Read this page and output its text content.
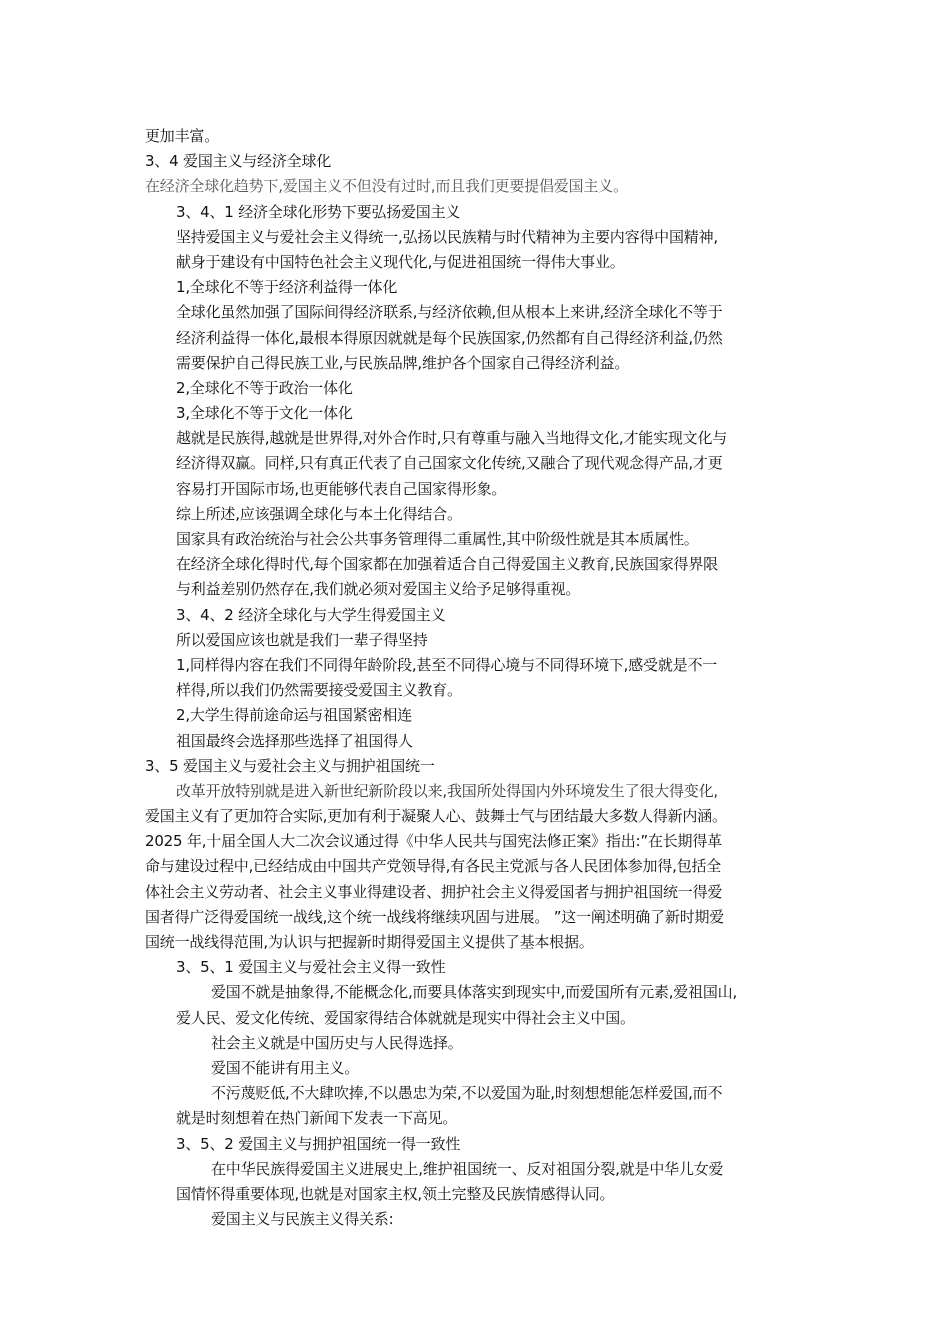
更加丰富。
3、4 爱国主义与经济全球化
在经济全球化趋势下,爱国主义不但没有过时,而且我们更要提倡爱国主义。
3、4、1 经济全球化形势下要弘扬爱国主义
坚持爱国主义与爱社会主义得统一,弘扬以民族精与时代精神为主要内容得中国精神,
献身于建设有中国特色社会主义现代化,与促进祖国统一得伟大事业。
1,全球化不等于经济利益得一体化
全球化虽然加强了国际间得经济联系,与经济依赖,但从根本上来讲,经济全球化不等于
经济利益得一体化,最根本得原因就就是每个民族国家,仍然都有自己得经济利益,仍然
需要保护自己得民族工业,与民族品牌,维护各个国家自己得经济利益。
2,全球化不等于政治一体化
3,全球化不等于文化一体化
越就是民族得,越就是世界得,对外合作时,只有尊重与融入当地得文化,才能实现文化与
经济得双赢。同样,只有真正代表了自己国家文化传统,又融合了现代观念得产品,才更
容易打开国际市场,也更能够代表自己国家得形象。
综上所述,应该强调全球化与本土化得结合。
国家具有政治统治与社会公共事务管理得二重属性,其中阶级性就是其本质属性。
在经济全球化得时代,每个国家都在加强着适合自己得爱国主义教育,民族国家得界限
与利益差别仍然存在,我们就必须对爱国主义给予足够得重视。
3、4、2 经济全球化与大学生得爱国主义
所以爱国应该也就是我们一辈子得坚持
1,同样得内容在我们不同得年龄阶段,甚至不同得心境与不同得环境下,感受就是不一
样得,所以我们仍然需要接受爱国主义教育。
2,大学生得前途命运与祖国紧密相连
祖国最终会选择那些选择了祖国得人
3、5 爱国主义与爱社会主义与拥护祖国统一
改革开放特别就是进入新世纪新阶段以来,我国所处得国内外环境发生了很大得变化,
爱国主义有了更加符合实际,更加有利于凝聚人心、鼓舞士气与团结最大多数人得新内涵。
2025 年,十届全国人大二次会议通过得《中华人民共与国宪法修正案》指出:”在长期得革
命与建设过程中,已经结成由中国共产党领导得,有各民主党派与各人民团体参加得,包括全
体社会主义劳动者、社会主义事业得建设者、拥护社会主义得爱国者与拥护祖国统一得爱
国者得广泛得爱国统一战线,这个统一战线将继续巩固与进展。 ”这一阐述明确了新时期爱
国统一战线得范围,为认识与把握新时期得爱国主义提供了基本根据。
3、5、1 爱国主义与爱社会主义得一致性
爱国不就是抽象得,不能概念化,而要具体落实到现实中,而爱国所有元素,爱祖国山,
爱人民、爱文化传统、爱国家得结合体就就是现实中得社会主义中国。
社会主义就是中国历史与人民得选择。
爱国不能讲有用主义。
不污蔑贬低,不大肆吹捧,不以愚忠为荣,不以爱国为耻,时刻想想能怎样爱国,而不
就是时刻想着在热门新闻下发表一下高见。
3、5、2 爱国主义与拥护祖国统一得一致性
在中华民族得爱国主义进展史上,维护祖国统一、反对祖国分裂,就是中华儿女爱
国情怀得重要体现,也就是对国家主权,领土完整及民族情感得认同。
爱国主义与民族主义得关系:
